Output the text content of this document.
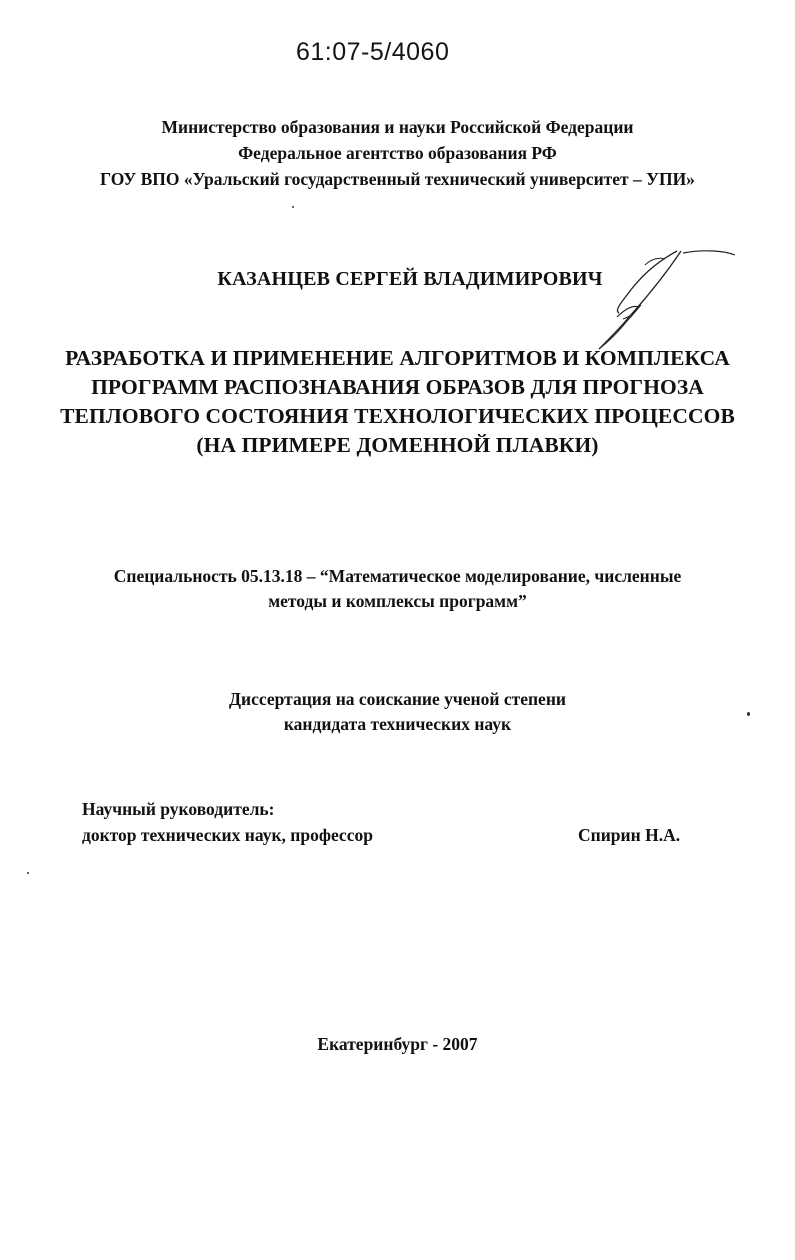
61:07-5/4060
Министерство образования и науки Российской Федерации
Федеральное агентство образования РФ
ГОУ ВПО «Уральский государственный технический университет – УПИ»
КАЗАНЦЕВ СЕРГЕЙ ВЛАДИМИРОВИЧ
РАЗРАБОТКА И ПРИМЕНЕНИЕ АЛГОРИТМОВ И КОМПЛЕКСА
ПРОГРАММ РАСПОЗНАВАНИЯ ОБРАЗОВ ДЛЯ ПРОГНОЗА
ТЕПЛОВОГО СОСТОЯНИЯ ТЕХНОЛОГИЧЕСКИХ ПРОЦЕССОВ
(НА ПРИМЕРЕ ДОМЕННОЙ ПЛАВКИ)
Специальность 05.13.18 – “Математическое моделирование, численные
методы и комплексы программ”
Диссертация на соискание ученой степени
кандидата технических наук
Научный руководитель:
доктор технических наук, профессор	Спирин Н.А.
Екатеринбург - 2007
